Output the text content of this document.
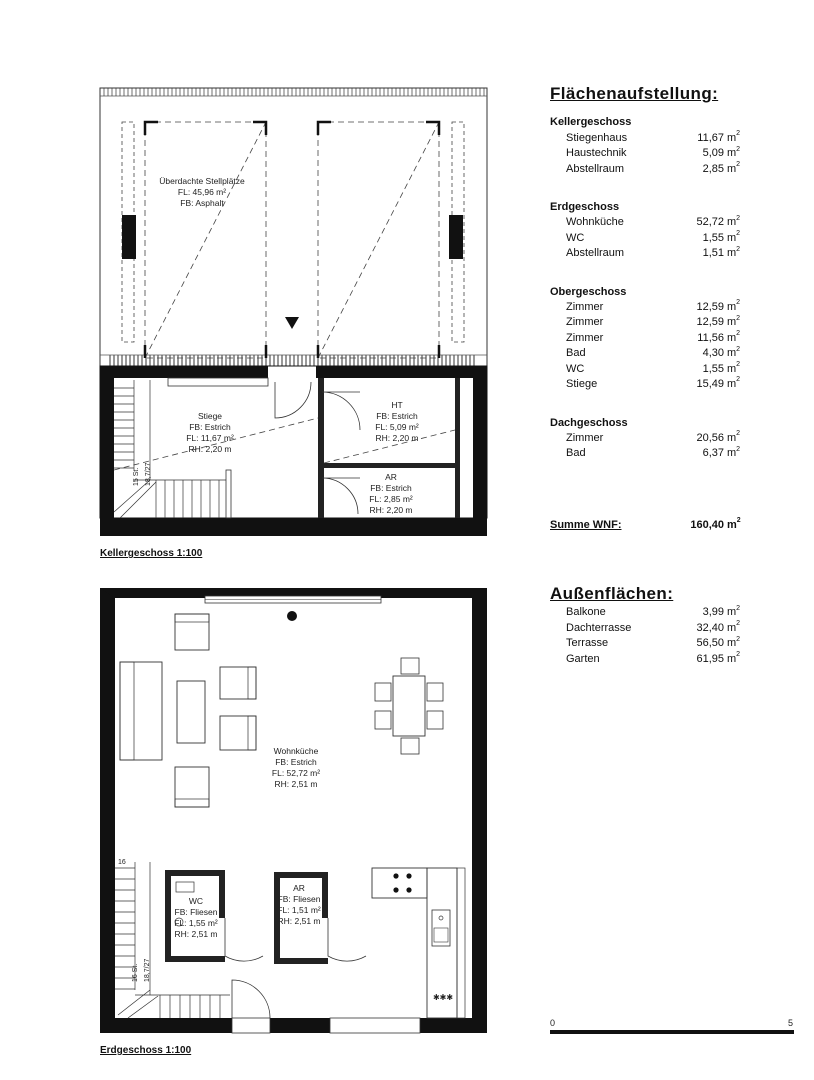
Überdachte Stellplätze
FL: 45,96 m²
FB: Asphalt
Stiege
FB: Estrich
FL: 11,67 m²
RH: 2,20 m
HT
FB: Estrich
FL: 5,09 m²
RH: 2,20 m
AR
FB: Estrich
FL: 2,85 m²
RH: 2,20 m
15 St. 18,7/27
✱✱✱
Wohnküche
FB: Estrich
FL: 52,72 m²
RH: 2,51 m
WC
FB: Fliesen
FL: 1,55 m²
RH: 2,51 m
AR
FB: Fliesen
FL: 1,51 m²
RH: 2,51 m
16
16 St. 18,7/27
0	5
Kellergeschoss 1:100
Erdgeschoss 1:100
Flächenaufstellung:
Kellergeschoss
Stiegenhaus	11,67 $m^2$
Haustechnik	5,09 $m^2$
Abstellraum	2,85 $m^2$
Erdgeschoss
Wohnküche	52,72 $m^2$
WC	1,55 $m^2$
Abstellraum	1,51 $m^2$
Obergeschoss
Zimmer	12,59 $m^2$
Zimmer	12,59 $m^2$
Zimmer	11,56 $m^2$
Bad	4,30 $m^2$
WC	1,55 $m^2$
Stiege	15,49 $m^2$
Dachgeschoss
Zimmer	20,56 $m^2$
Bad	6,37 $m^2$
Summe WNF:	160,40 $m^2$
Außenflächen:
Balkone	3,99 $m^2$
Dachterrasse	32,40 $m^2$
Terrasse	56,50 $m^2$
Garten	61,95 $m^2$
